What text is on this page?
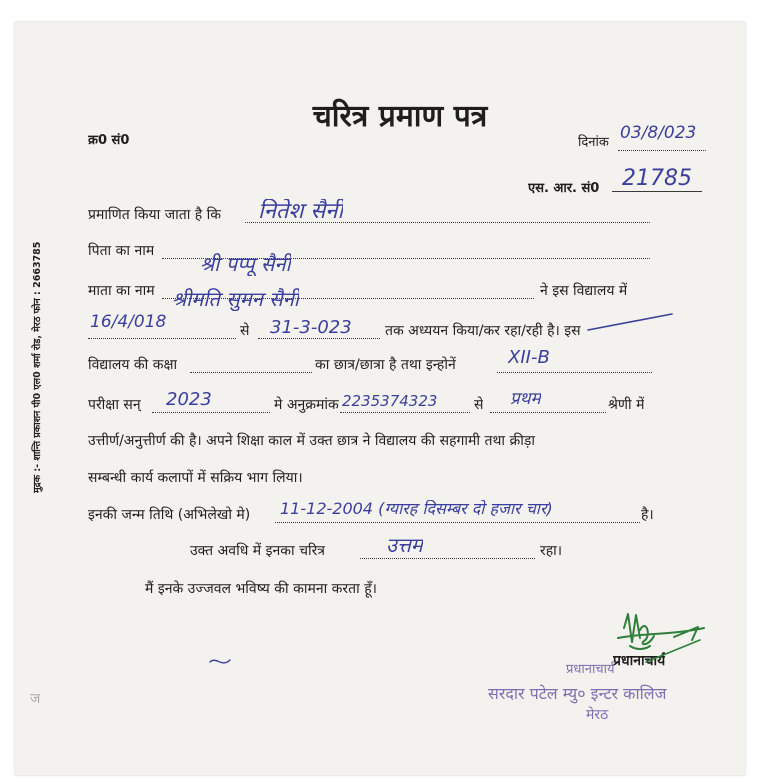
मुद्रक :- शान्ति प्रकाशन पी0 एल0 शर्मा रोड, मेरठ फोन : 2663785
ज
चरित्र प्रमाण पत्र
क्र0 सं0	दिनांक 03/8/023
एस. आर. सं0 21785
प्रमाणित किया जाता है कि नितेश सैनी
पिता का नाम
श्री पप्पू सैनी
माता का नाम श्रीमति सुमन सैनी	ने इस विद्यालय में
16/4/018	से 31-3-023 तक अध्ययन किया/कर रहा/रही है। इस
विद्यालय की कक्षा	का छात्र/छात्रा है तथा इन्होनें	XII-B
परीक्षा सन् 2023	मे अनुक्रमांक 2235374323	से प्रथम	श्रेणी में
उत्तीर्ण/अनुत्तीर्ण की है। अपने शिक्षा काल में उक्त छात्र ने विद्यालय की सहगामी तथा क्रीड़ा
सम्बन्धी कार्य कलापों में सक्रिय भाग लिया।
इनकी जन्म तिथि (अभिलेखो मे) 11-12-2004 (ग्यारह दिसम्बर दो हजार चार)	है।
उक्त अवधि में इनका चरित्र	उत्तम	रहा।
मैं इनके उज्जवल भविष्य की कामना करता हूँ।
प्रधानाचार्य
प्रधानाचार्य
सरदार पटेल म्यु० इन्टर कालिज
मेरठ
